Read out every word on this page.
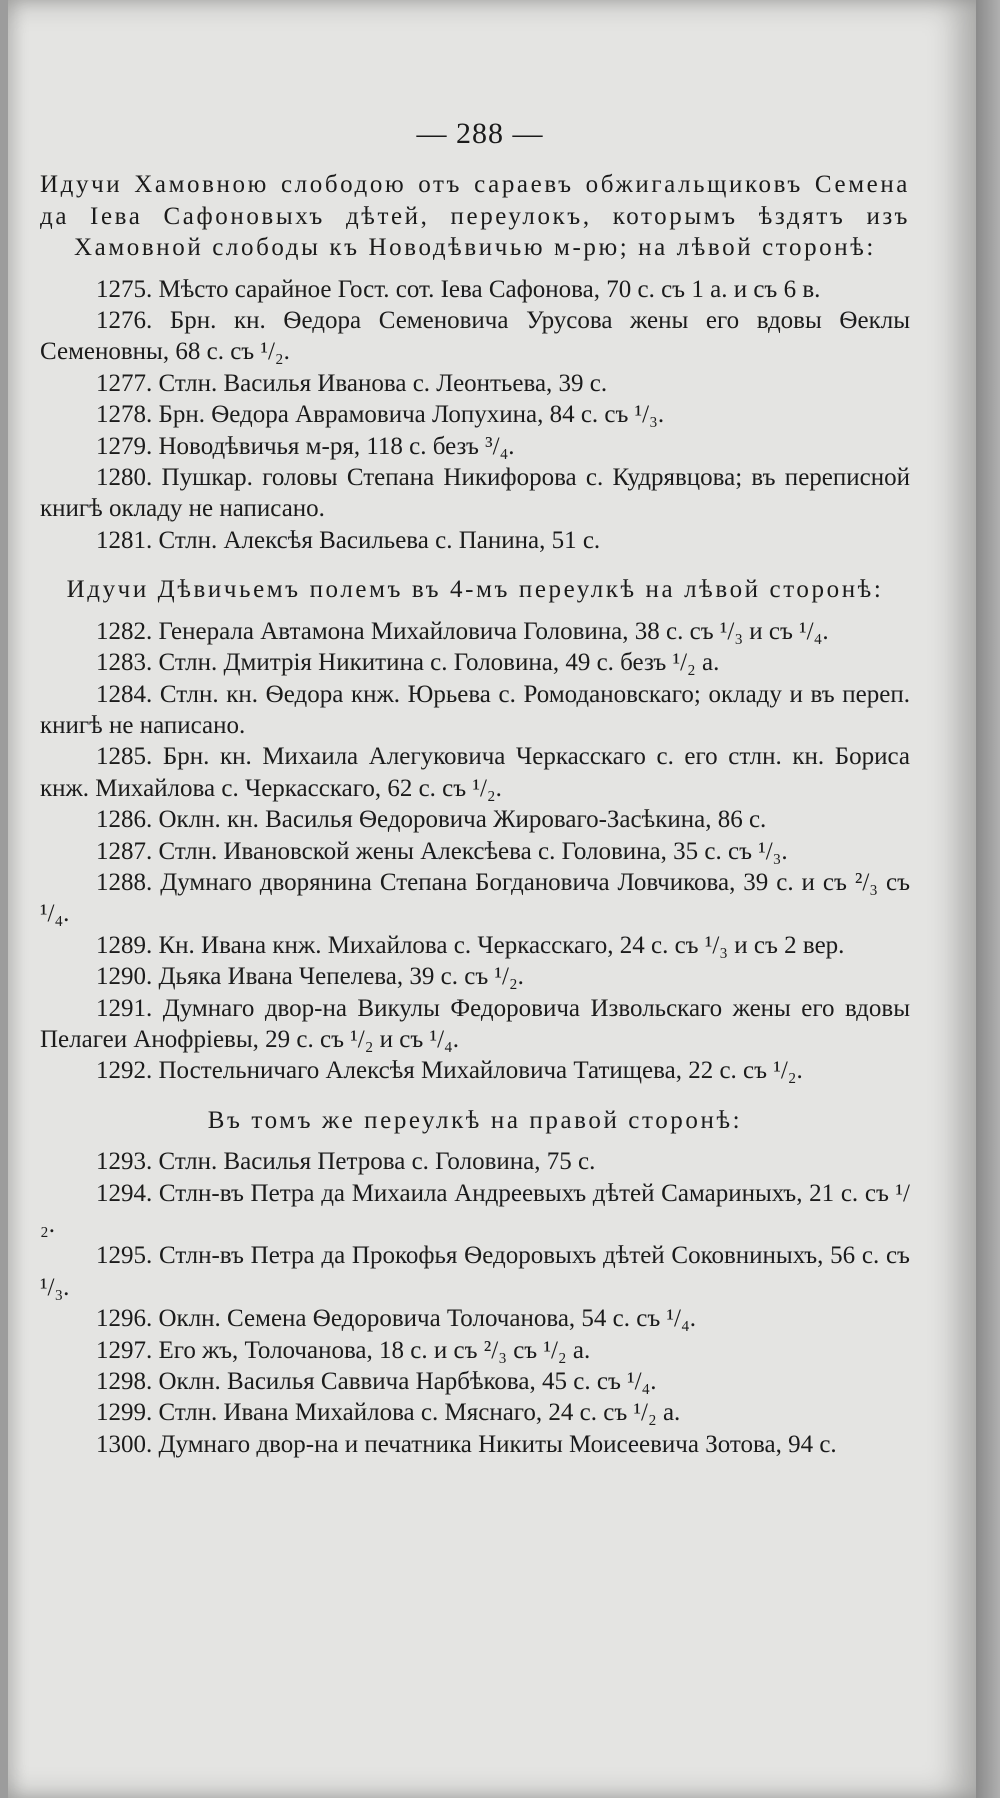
— 288 —
Идучи Хамовною слободою отъ сараевъ обжигальщиковъ Семена да Iева Сафоновыхъ дѣтей, переулокъ, которымъ ѣздятъ изъ Хамовной слободы къ Новодѣвичью м-рю; на лѣвой сторонѣ:
1275. Мѣсто сарайное Гост. сот. Iева Сафонова, 70 с. съ 1 а. и съ 6 в.
1276. Брн. кн. Ѳедора Семеновича Урусова жены его вдовы Ѳеклы Семеновны, 68 с. съ ¹/₂.
1277. Стлн. Василья Иванова с. Леонтьева, 39 с.
1278. Брн. Ѳедора Аврамовича Лопухина, 84 с. съ ¹/₃.
1279. Новодѣвичья м-ря, 118 с. безъ ³/₄.
1280. Пушкар. головы Степана Никифорова с. Кудрявцова; въ переписной книгѣ окладу не написано.
1281. Стлн. Алексѣя Васильева с. Панина, 51 с.
Идучи Дѣвичьемъ полемъ въ 4-мъ переулкѣ на лѣвой сторонѣ:
1282. Генерала Автамона Михайловича Головина, 38 с. съ ¹/₃ и съ ¹/₄.
1283. Стлн. Дмитрія Никитина с. Головина, 49 с. безъ ¹/₂ а.
1284. Стлн. кн. Ѳедора кнж. Юрьева с. Ромодановскаго; окладу и въ переп. книгѣ не написано.
1285. Брн. кн. Михаила Алегуковича Черкасскаго с. его стлн. кн. Бориса кнж. Михайлова с. Черкасскаго, 62 с. съ ¹/₂.
1286. Оклн. кн. Василья Ѳедоровича Жироваго-Засѣкина, 86 с.
1287. Стлн. Ивановской жены Алексѣева с. Головина, 35 с. съ ¹/₃.
1288. Думнаго дворянина Степана Богдановича Ловчикова, 39 с. и съ ²/₃ съ ¹/₄.
1289. Кн. Ивана кнж. Михайлова с. Черкасскаго, 24 с. съ ¹/₃ и съ 2 вер.
1290. Дьяка Ивана Чепелева, 39 с. съ ¹/₂.
1291. Думнаго двор-на Викулы Федоровича Извольскаго жены его вдовы Пелагеи Анофрiевы, 29 с. съ ¹/₂ и съ ¹/₄.
1292. Постельничаго Алексѣя Михайловича Татищева, 22 с. съ ¹/₂.
Въ томъ же переулкѣ на правой сторонѣ:
1293. Стлн. Василья Петрова с. Головина, 75 с.
1294. Стлн-въ Петра да Михаила Андреевыхъ дѣтей Самариныхъ, 21 с. съ ¹/₂.
1295. Стлн-въ Петра да Прокофья Ѳедоровыхъ дѣтей Соковниныхъ, 56 с. съ ¹/₃.
1296. Оклн. Семена Ѳедоровича Толочанова, 54 с. съ ¹/₄.
1297. Его жъ, Толочанова, 18 с. и съ ²/₃ съ ¹/₂ а.
1298. Оклн. Василья Саввича Нарбѣкова, 45 с. съ ¹/₄.
1299. Стлн. Ивана Михайлова с. Мяснаго, 24 с. съ ¹/₂ а.
1300. Думнаго двор-на и печатника Никиты Моисеевича Зотова, 94 с.
